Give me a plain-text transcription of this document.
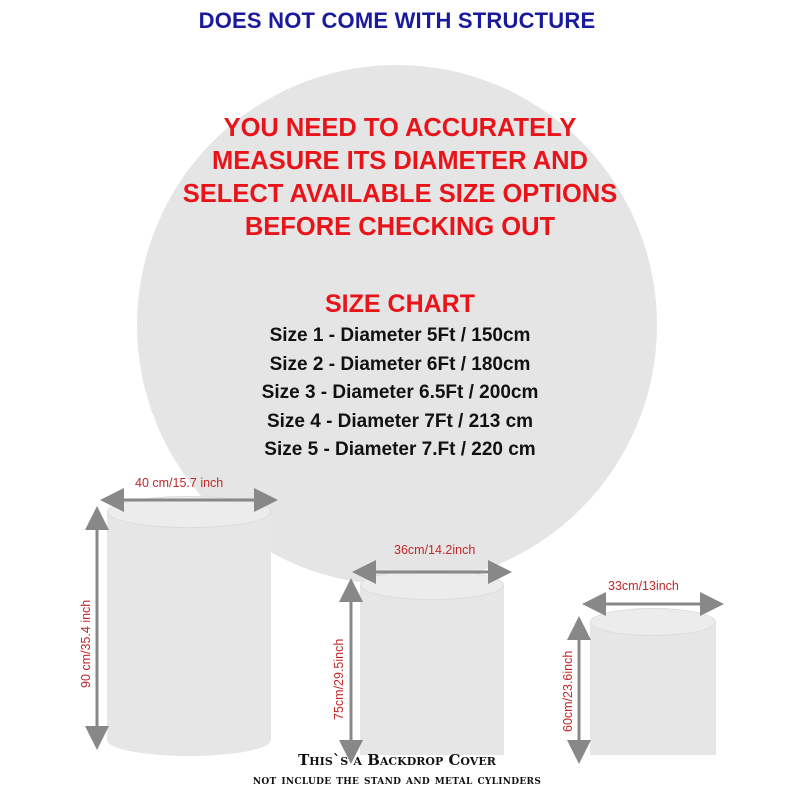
DOES NOT COME WITH STRUCTURE
YOU NEED TO ACCURATELY
MEASURE ITS DIAMETER AND
SELECT AVAILABLE SIZE OPTIONS
BEFORE CHECKING OUT
SIZE CHART
Size 1 - Diameter 5Ft / 150cm
Size 2 - Diameter 6Ft / 180cm
Size 3 - Diameter 6.5Ft / 200cm
Size 4 - Diameter 7Ft / 213 cm
Size 5 - Diameter 7.Ft / 220 cm
40 cm/15.7 inch
90 cm/35.4 inch
36cm/14.2inch
75cm/29.5inch
33cm/13inch
60cm/23.6inch
This`s a Backdrop Cover
not include the stand and metal cylinders
